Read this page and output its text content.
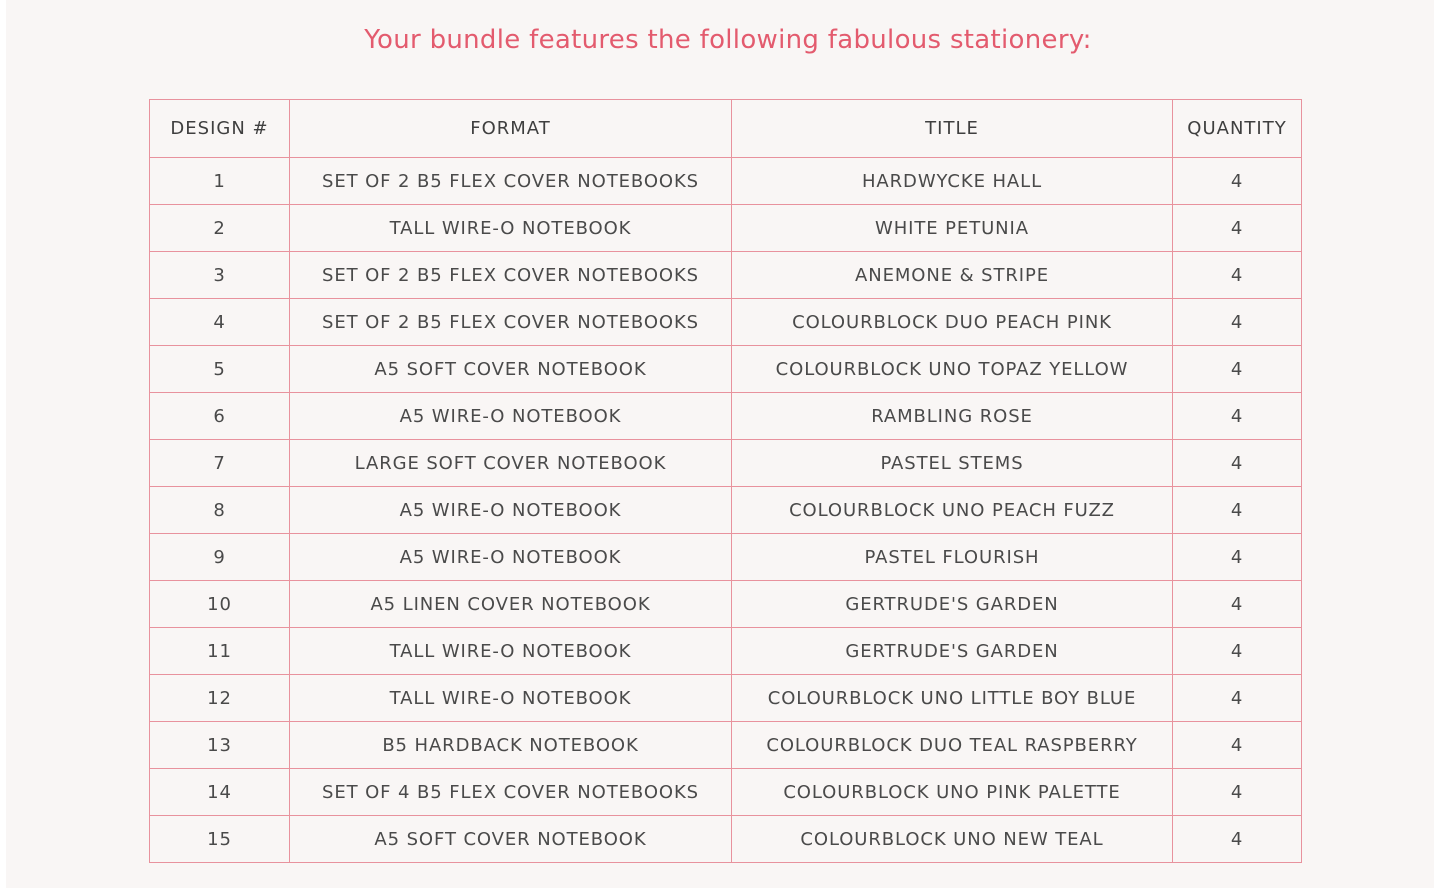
Your bundle features the following fabulous stationery:
DESIGN #	FORMAT	TITLE	QUANTITY
1	SET OF 2 B5 FLEX COVER NOTEBOOKS	HARDWYCKE HALL	4
2	TALL WIRE-O NOTEBOOK	WHITE PETUNIA	4
3	SET OF 2 B5 FLEX COVER NOTEBOOKS	ANEMONE & STRIPE	4
4	SET OF 2 B5 FLEX COVER NOTEBOOKS	COLOURBLOCK DUO PEACH PINK	4
5	A5 SOFT COVER NOTEBOOK	COLOURBLOCK UNO TOPAZ YELLOW	4
6	A5 WIRE-O NOTEBOOK	RAMBLING ROSE	4
7	LARGE SOFT COVER NOTEBOOK	PASTEL STEMS	4
8	A5 WIRE-O NOTEBOOK	COLOURBLOCK UNO PEACH FUZZ	4
9	A5 WIRE-O NOTEBOOK	PASTEL FLOURISH	4
10	A5 LINEN COVER NOTEBOOK	GERTRUDE'S GARDEN	4
11	TALL WIRE-O NOTEBOOK	GERTRUDE'S GARDEN	4
12	TALL WIRE-O NOTEBOOK	COLOURBLOCK UNO LITTLE BOY BLUE	4
13	B5 HARDBACK NOTEBOOK	COLOURBLOCK DUO TEAL RASPBERRY	4
14	SET OF 4 B5 FLEX COVER NOTEBOOKS	COLOURBLOCK UNO PINK PALETTE	4
15	A5 SOFT COVER NOTEBOOK	COLOURBLOCK UNO NEW TEAL	4
